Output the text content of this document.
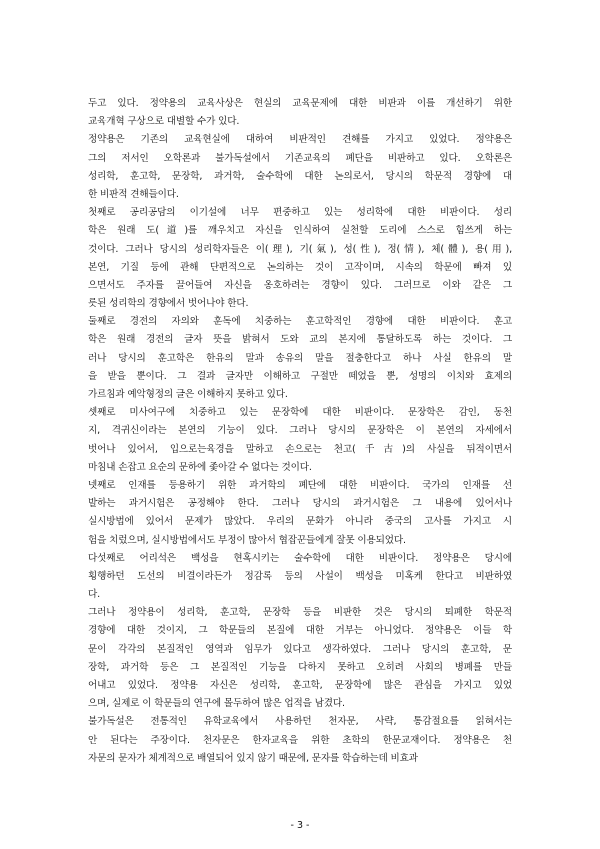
두고 있다. 정약용의 교육사상은 현실의 교육문제에 대한 비판과 이를 개선하기 위한
교육개혁 구상으로 대별할 수가 있다.
정약용은 기존의 교육현실에 대하여 비판적인 견해를 가지고 있었다. 정약용은
그의 저서인 오학론과 불가독설에서 기존교육의 폐단을 비판하고 있다. 오학론은
성리학, 훈고학, 문장학, 과거학, 술수학에 대한 논의로서, 당시의 학문적 경향에 대
한 비판적 견해들이다.
첫째로 공리공담의 이기설에 너무 편중하고 있는 성리학에 대한 비판이다. 성리
학은 원래 도(道)를 깨우치고 자신을 인식하여 실천할 도리에 스스로 힘쓰게 하는
것이다. 그러나 당시의 성리학자들은 이(理), 기(氣), 성(性), 정(情), 체(體), 용(用),
본연, 기질 등에 관해 단편적으로 논의하는 것이 고작이며, 시속의 학문에 빠져 있
으면서도 주자를 끌어들여 자신을 옹호하려는 경향이 있다. 그러므로 이와 같은 그
릇된 성리학의 경향에서 벗어나야 한다.
둘째로 경전의 자의와 훈독에 치중하는 훈고학적인 경향에 대한 비판이다. 훈고
학은 원래 경전의 글자 뜻을 밝혀서 도와 교의 본지에 통달하도록 하는 것이다. 그
러나 당시의 훈고학은 한유의 말과 송유의 말을 절충한다고 하나 사실 한유의 말
을 받을 뿐이다. 그 결과 글자만 이해하고 구절만 떼었을 뿐, 성명의 이치와 효제의
가르침과 예악형정의 글은 이해하지 못하고 있다.
셋째로 미사여구에 치중하고 있는 문장학에 대한 비판이다. 문장학은 감인, 동천
지, 격귀신이라는 본연의 기능이 있다. 그러나 당시의 문장학은 이 본연의 자세에서
벗어나 있어서, 입으로는육경을 말하고 손으로는 천고(千古)의 사실을 뒤적이면서
마침내 손잡고 요순의 문하에 좇아갈 수 없다는 것이다.
넷째로 인재를 등용하기 위한 과거학의 폐단에 대한 비판이다. 국가의 인재를 선
발하는 과거시험은 공정해야 한다. 그러나 당시의 과거시험은 그 내용에 있어서나
실시방법에 있어서 문제가 많았다. 우리의 문화가 아니라 중국의 고사를 가지고 시
험을 치렀으며, 실시방법에서도 부정이 많아서 협잡꾼들에게 잘못 이용되었다.
다섯째로 어리석은 백성을 현혹시키는 술수학에 대한 비판이다. 정약용은 당시에
횡행하던 도선의 비결이라든가 정감록 등의 사설이 백성을 미혹케 한다고 비판하였
다.
그러나 정약용이 성리학, 훈고학, 문장학 등을 비판한 것은 당시의 퇴폐한 학문적
경향에 대한 것이지, 그 학문들의 본질에 대한 거부는 아니었다. 정약용은 이들 학
문이 각각의 본질적인 영역과 임무가 있다고 생각하였다. 그러나 당시의 훈고학, 문
장학, 과거학 등은 그 본질적인 기능을 다하지 못하고 오히려 사회의 병폐를 만들
어내고 있었다. 정약용 자신은 성리학, 훈고학, 문장학에 많은 관심을 가지고 있었
으며, 실제로 이 학문들의 연구에 몰두하여 많은 업적을 남겼다.
불가독설은 전통적인 유학교육에서 사용하던 천자문, 사략, 통감절요를 읽혀서는
안 된다는 주장이다. 천자문은 한자교육을 위한 초학의 한문교재이다. 정약용은 천
자문의 문자가 체계적으로 배열되어 있지 않기 때문에, 문자를 학습하는데 비효과
- 3 -
